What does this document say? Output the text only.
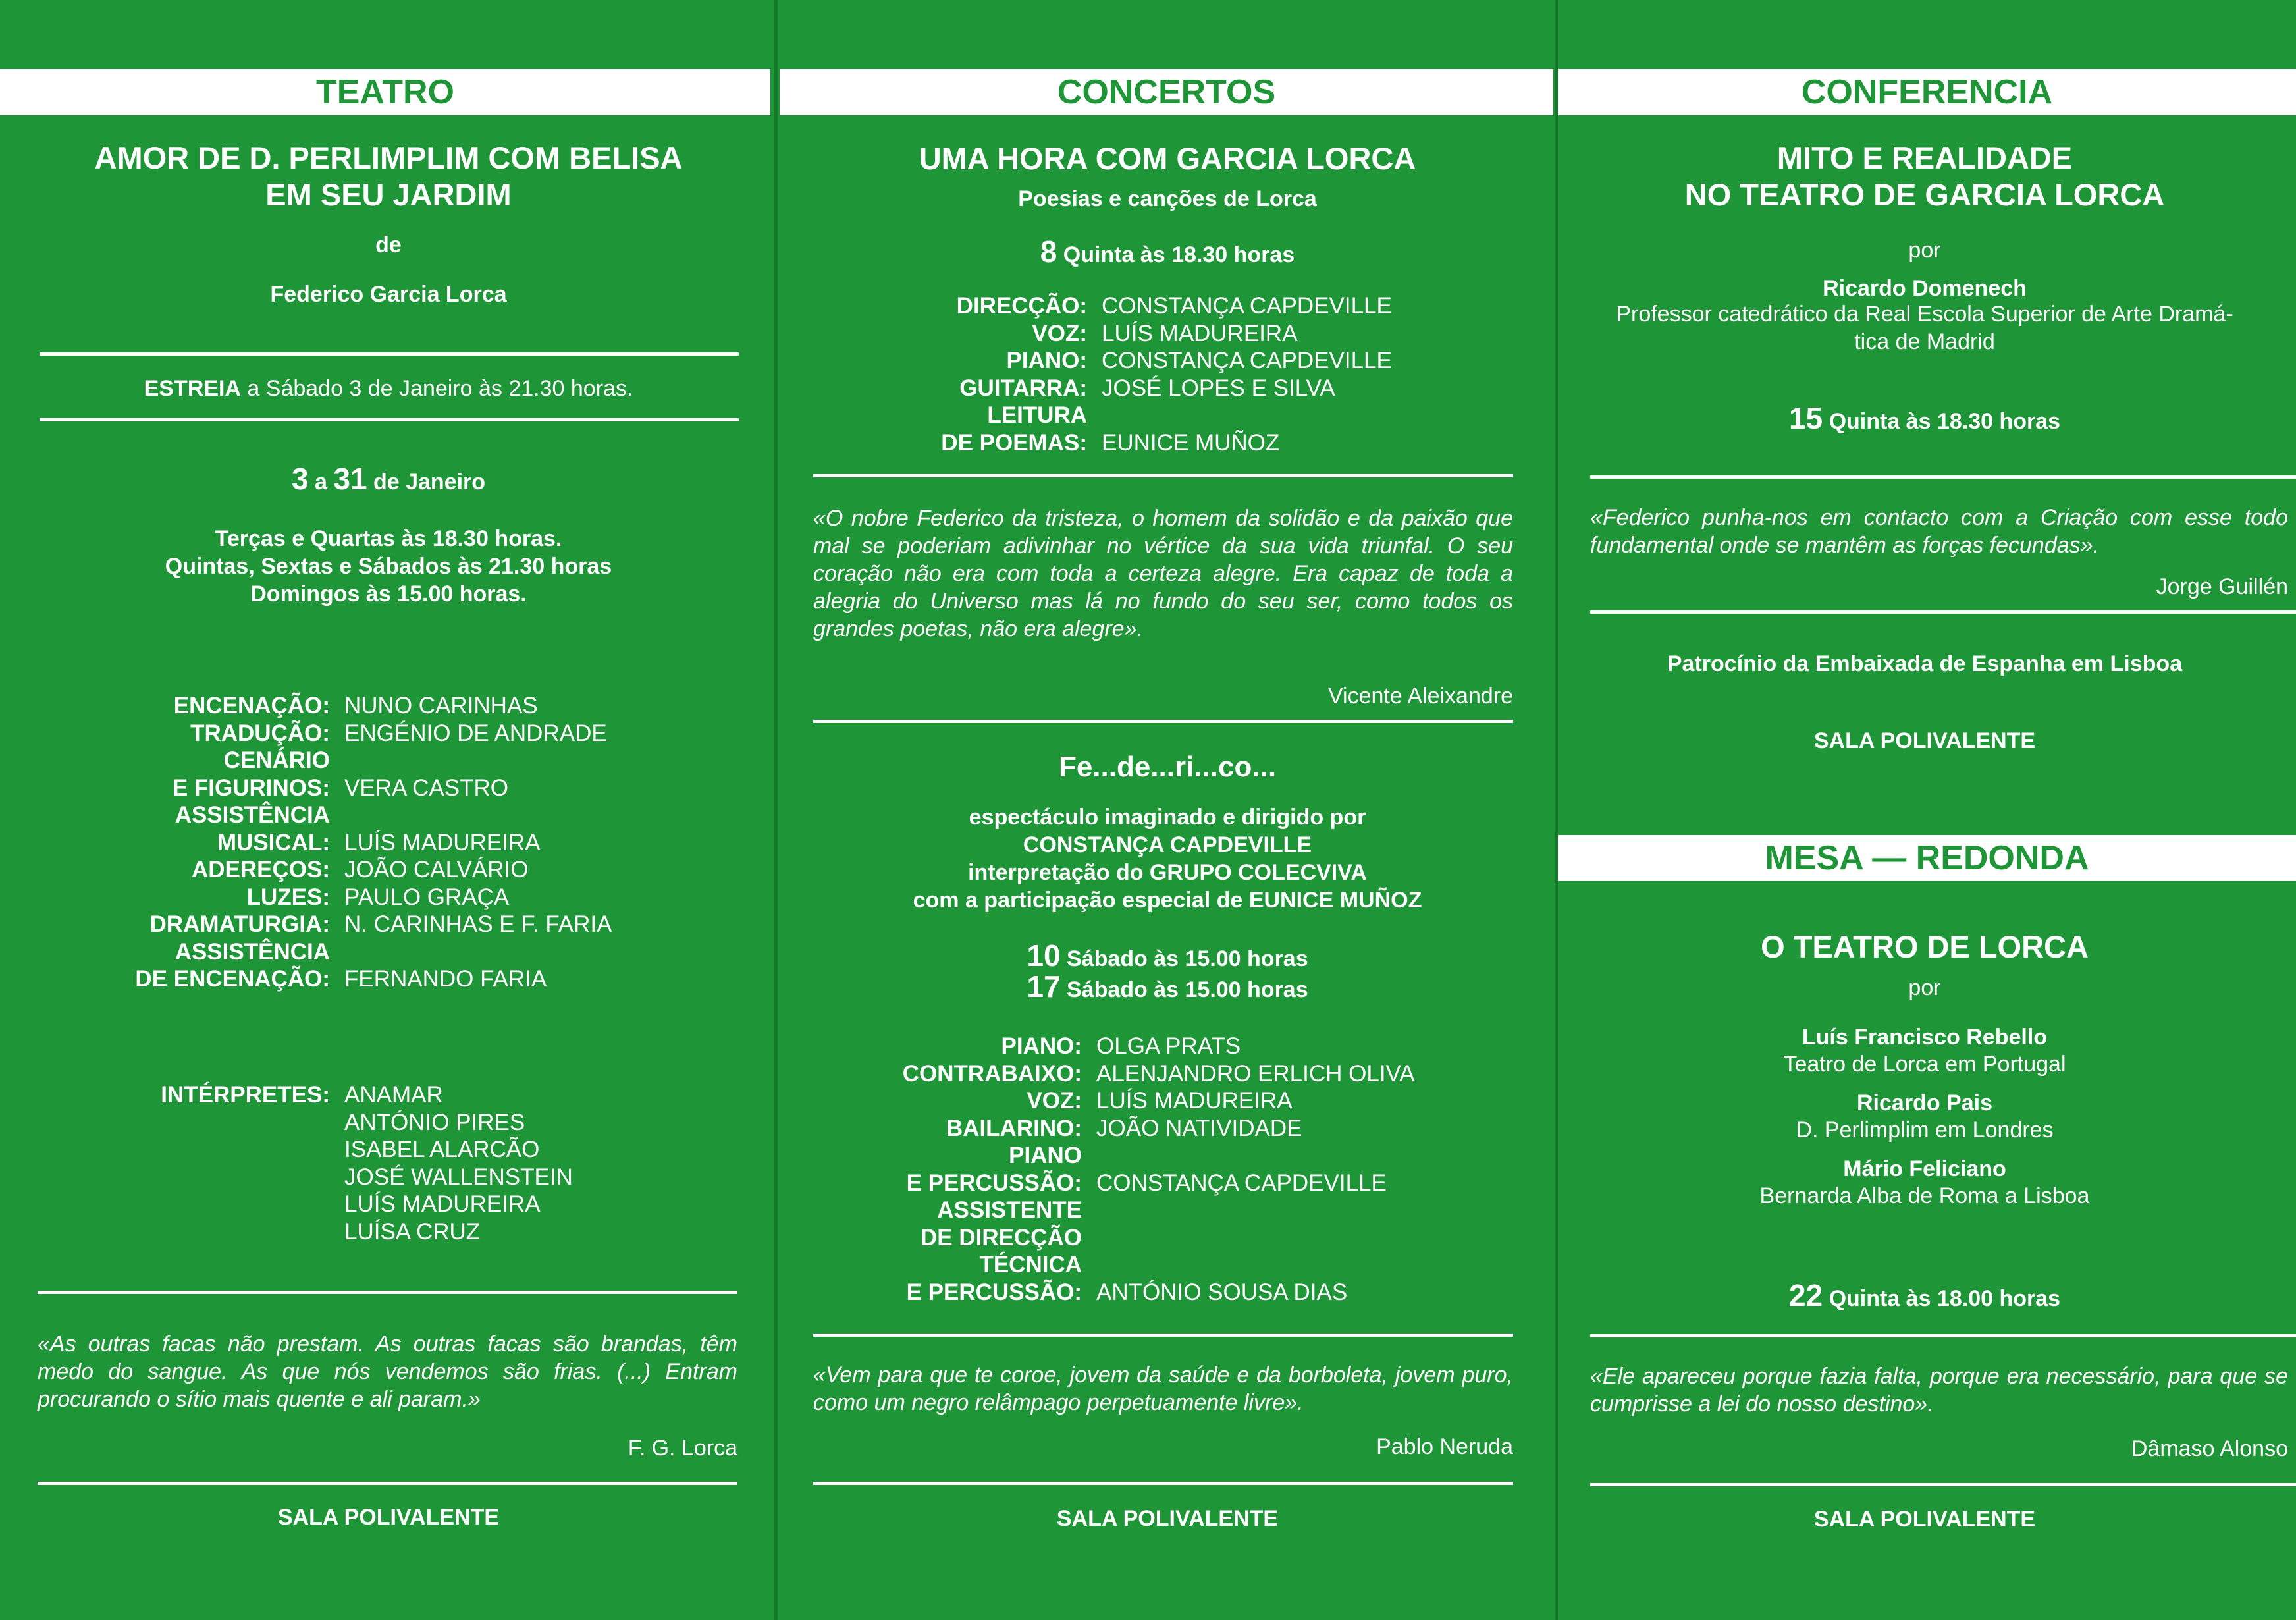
TEATRO
AMOR DE D. PERLIMPLIM COM BELISA
EM SEU JARDIM
de
Federico Garcia Lorca
ESTREIA a Sábado 3 de Janeiro às 21.30 horas.
3 a 31 de Janeiro
Terças e Quartas às 18.30 horas.
Quintas, Sextas e Sábados às 21.30 horas
Domingos às 15.00 horas.
ENCENAÇÃO:	NUNO CARINHAS
TRADUÇÃO:	ENGÉNIO DE ANDRADE
CENÁRIO	
E FIGURINOS:	VERA CASTRO
ASSISTÊNCIA	
MUSICAL:	LUÍS MADUREIRA
ADEREÇOS:	JOÃO CALVÁRIO
LUZES:	PAULO GRAÇA
DRAMATURGIA:	N. CARINHAS E F. FARIA
ASSISTÊNCIA	
DE ENCENAÇÃO:	FERNANDO FARIA
INTÉRPRETES:	ANAMAR
	ANTÓNIO PIRES
	ISABEL ALARCÃO
	JOSÉ WALLENSTEIN
	LUÍS MADUREIRA
	LUÍSA CRUZ
«As outras facas não prestam. As outras facas são brandas, têm medo do sangue. As que nós vendemos são frias. (...) Entram procurando o sítio mais quente e ali param.»
F. G. Lorca
SALA POLIVALENTE
CONCERTOS
UMA HORA COM GARCIA LORCA
Poesias e canções de Lorca
8 Quinta às 18.30 horas
DIRECÇÃO:	CONSTANÇA CAPDEVILLE
VOZ:	LUÍS MADUREIRA
PIANO:	CONSTANÇA CAPDEVILLE
GUITARRA:	JOSÉ LOPES E SILVA
LEITURA	
DE POEMAS:	EUNICE MUÑOZ
«O nobre Federico da tristeza, o homem da solidão e da paixão que mal se poderiam adivinhar no vértice da sua vida triunfal. O seu coração não era com toda a certeza alegre. Era capaz de toda a alegria do Universo mas lá no fundo do seu ser, como todos os grandes poetas, não era alegre».
Vicente Aleixandre
Fe...de...ri...co...
espectáculo imaginado e dirigido por
CONSTANÇA CAPDEVILLE
interpretação do GRUPO COLECVIVA
com a participação especial de EUNICE MUÑOZ
10 Sábado às 15.00 horas
17 Sábado às 15.00 horas
PIANO:	OLGA PRATS
CONTRABAIXO:	ALENJANDRO ERLICH OLIVA
VOZ:	LUÍS MADUREIRA
BAILARINO:	JOÃO NATIVIDADE
PIANO	
E PERCUSSÃO:	CONSTANÇA CAPDEVILLE
ASSISTENTE	
DE DIRECÇÃO	
TÉCNICA	
E PERCUSSÃO:	ANTÓNIO SOUSA DIAS
«Vem para que te coroe, jovem da saúde e da borboleta, jovem puro, como um negro relâmpago perpetuamente livre».
Pablo Neruda
SALA POLIVALENTE
CONFERENCIA
MITO E REALIDADE
NO TEATRO DE GARCIA LORCA
por
Ricardo Domenech
Professor catedrático da Real Escola Superior de Arte Dramá-
tica de Madrid
15 Quinta às 18.30 horas
«Federico punha-nos em contacto com a Criação com esse todo fundamental onde se mantêm as forças fecundas».
Jorge Guillén
Patrocínio da Embaixada de Espanha em Lisboa
SALA POLIVALENTE
MESA — REDONDA
O TEATRO DE LORCA
por
Luís Francisco Rebello
Teatro de Lorca em Portugal
Ricardo Pais
D. Perlimplim em Londres
Mário Feliciano
Bernarda Alba de Roma a Lisboa
22 Quinta às 18.00 horas
«Ele apareceu porque fazia falta, porque era necessário, para que se cumprisse a lei do nosso destino».
Dâmaso Alonso
SALA POLIVALENTE
